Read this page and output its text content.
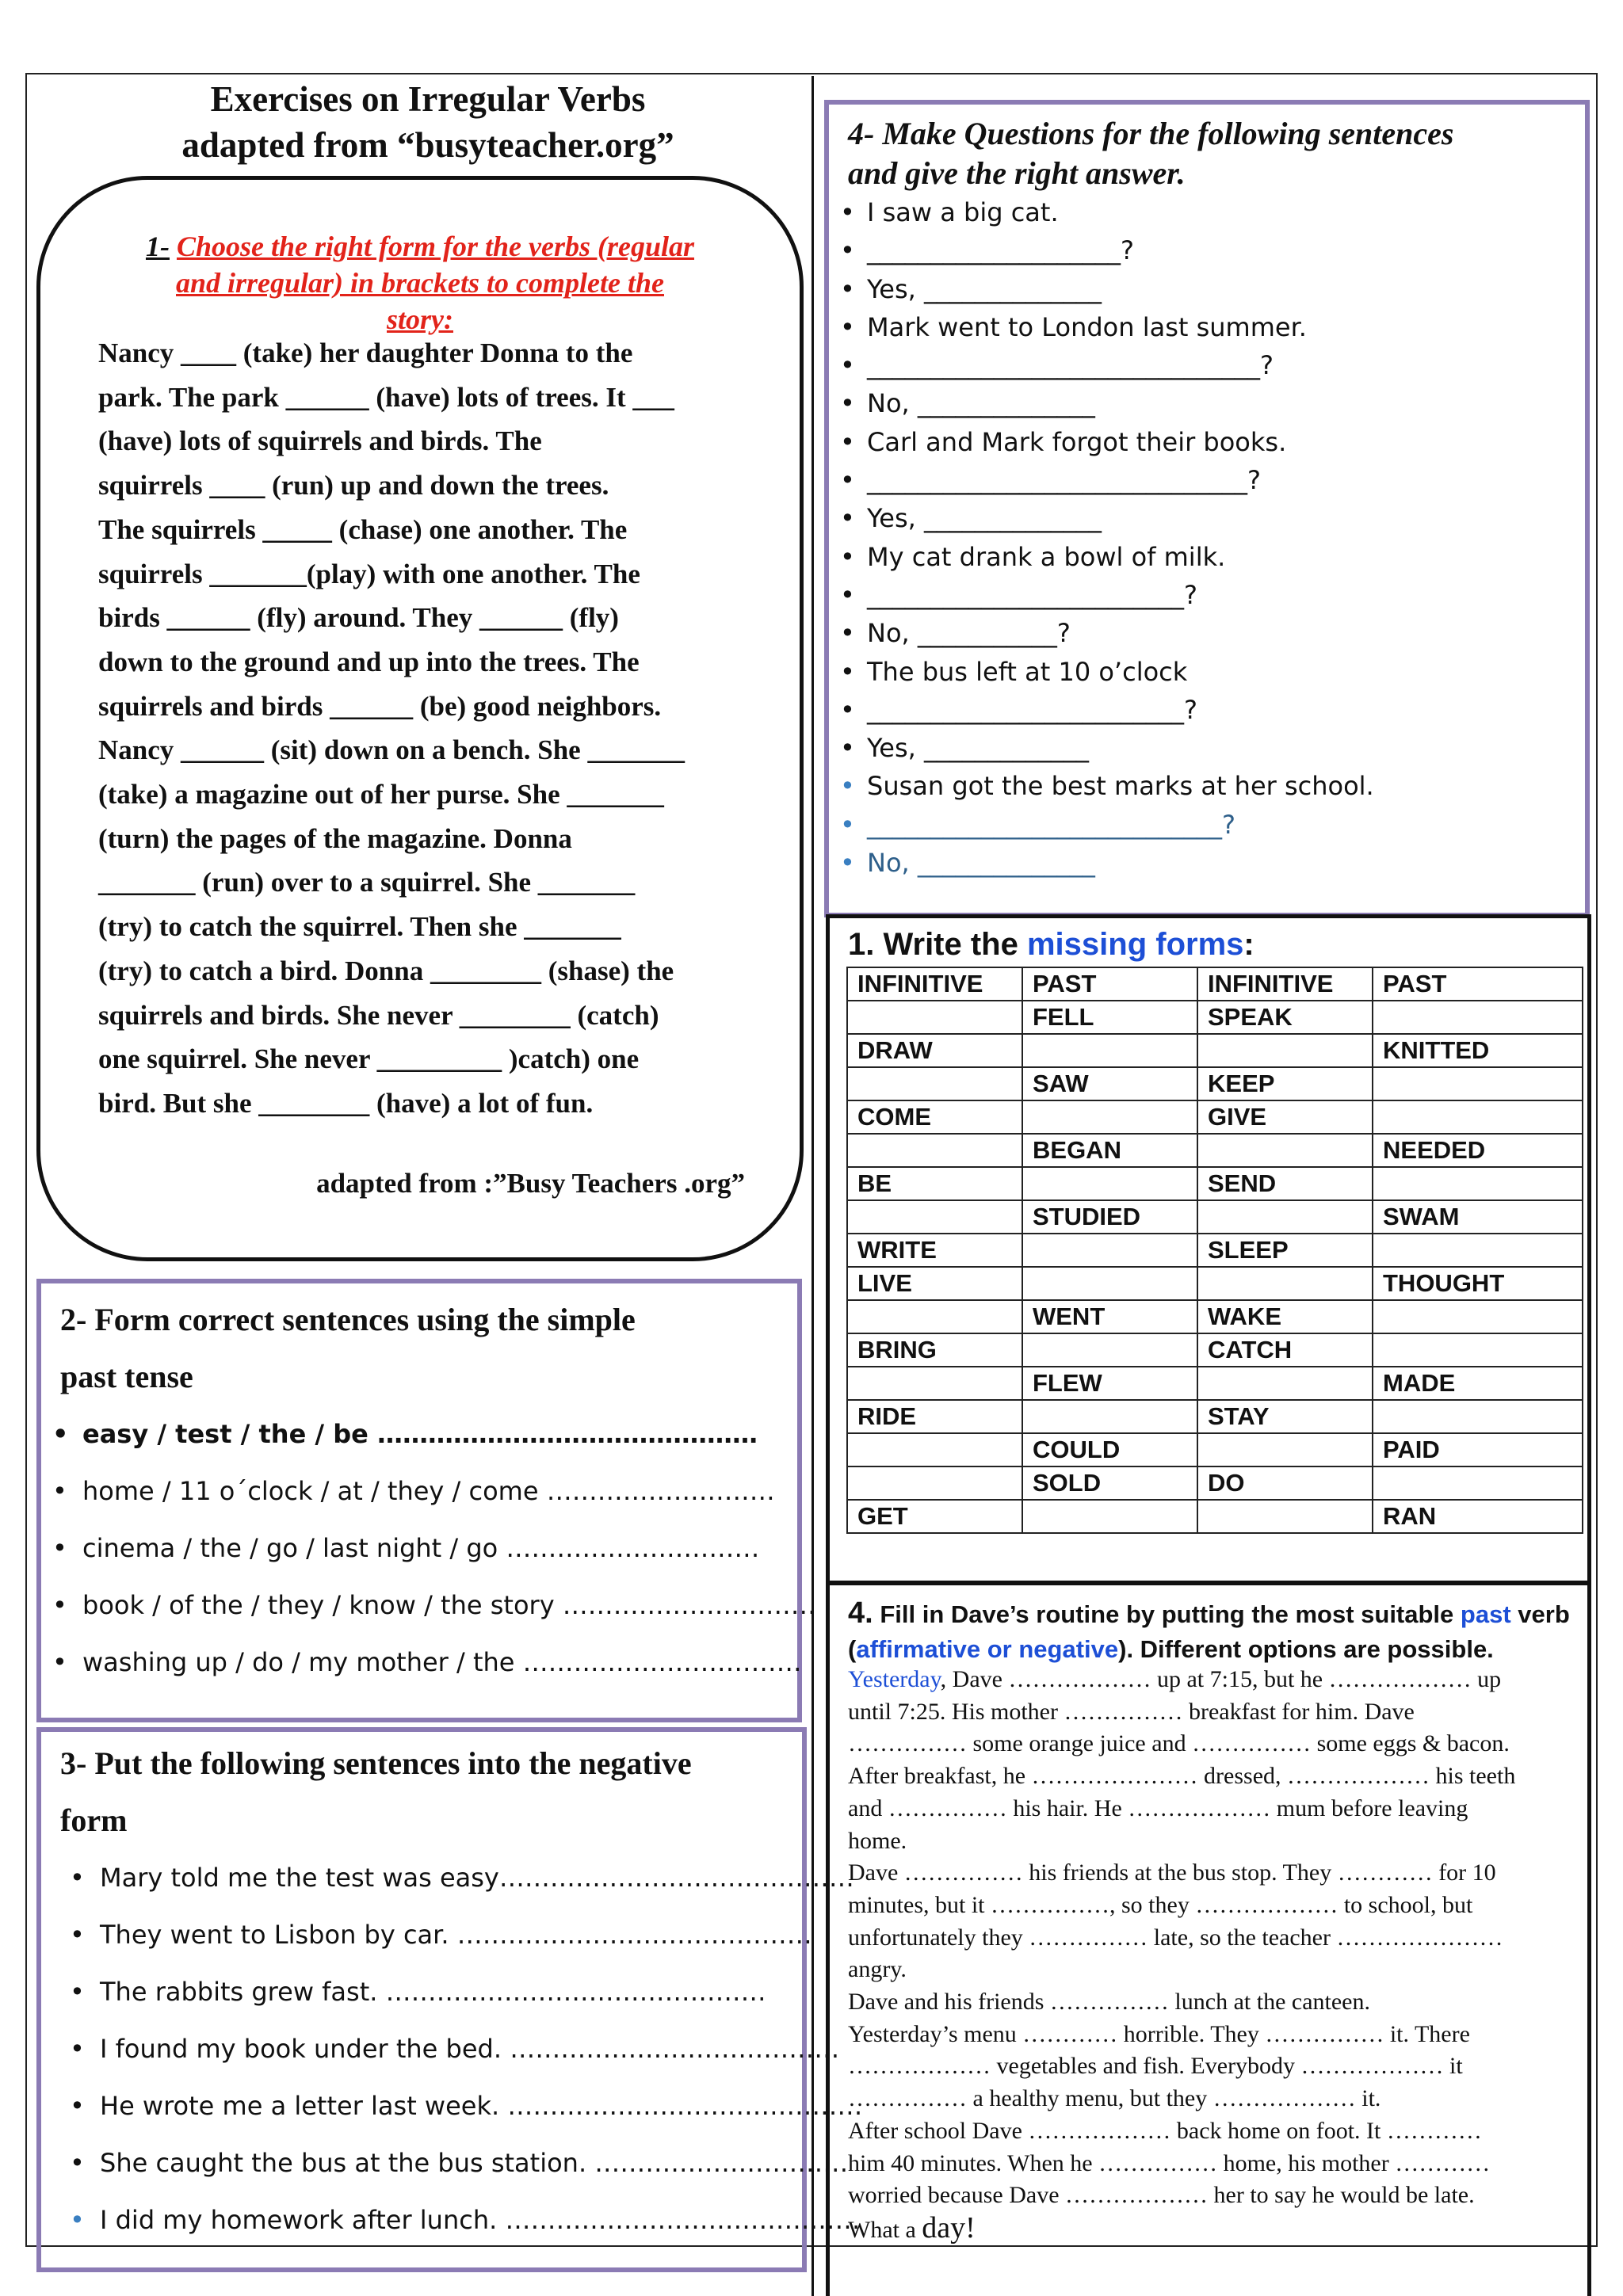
Exercises on Irregular Verbs
adapted from “busyteacher.org”
1- Choose the right form for the verbs (regular
and irregular) in brackets to complete the
story:
Nancy ____ (take) her daughter Donna to the
park. The park ______ (have) lots of trees. It ___
(have) lots of squirrels and birds. The
squirrels ____ (run) up and down the trees.
The squirrels _____ (chase) one another. The
squirrels _______(play) with one another. The
birds ______ (fly) around. They ______ (fly)
down to the ground and up into the trees. The
squirrels and birds ______ (be) good neighbors.
Nancy ______ (sit) down on a bench. She _______
(take) a magazine out of her purse. She _______
(turn) the pages of the magazine. Donna
_______ (run) over to a squirrel. She _______
(try) to catch the squirrel. Then she _______
(try) to catch a bird. Donna ________ (shase) the
squirrels and birds. She never ________ (catch)
one squirrel. She never _________ )catch) one
bird. But she ________ (have) a lot of fun.
adapted from :”Busy Teachers .org”
2- Form correct sentences using the simple
past tense
• easy / test / the / be ………………………………………
• home / 11 o´clock / at / they / come ………………………
• cinema / the / go / last night / go …………………………
• book / of the / they / know / the story …………………………
• washing up / do / my mother / the ……………………………
3- Put the following sentences into the negative
form
• Mary told me the test was easy……………………………………
• They went to Lisbon by car. ……………………………………
• The rabbits grew fast. ………………………………………
• I found my book under the bed. …………………………………
• He wrote me a letter last week. ……………………………………
• She caught the bus at the bus station. …………………………
• I did my homework after lunch. ……………………………………
4- Make Questions for the following sentences
and give the right answer.
• I saw a big cat.
• ____________________?
• Yes, ______________
• Mark went to London last summer.
• _______________________________?
• No, ______________
• Carl and Mark forgot their books.
• ______________________________?
• Yes, ______________
• My cat drank a bowl of milk.
• _________________________?
• No, ___________?
• The bus left at 10 o’clock
• _________________________?
• Yes, _____________
• Susan got the best marks at her school.
• ____________________________?
• No, ______________
1. Write the missing forms:
INFINITIVE	PAST	INFINITIVE	PAST
	FELL	SPEAK	
DRAW			KNITTED
	SAW	KEEP	
COME		GIVE	
	BEGAN		NEEDED
BE		SEND	
	STUDIED		SWAM
WRITE		SLEEP	
LIVE			THOUGHT
	WENT	WAKE	
BRING		CATCH	
	FLEW		MADE
RIDE		STAY	
	COULD		PAID
	SOLD	DO	
GET			RAN
4. Fill in Dave’s routine by putting the most suitable past verb
(affirmative or negative). Different options are possible.
Yesterday, Dave ……………… up at 7:15, but he ……………… up
until 7:25. His mother …………… breakfast for him. Dave
…………… some orange juice and …………… some eggs & bacon.
After breakfast, he ………………… dressed, ……………… his teeth
and …………… his hair. He ……………… mum before leaving
home.
Dave …………… his friends at the bus stop. They ………… for 10
minutes, but it ……………, so they ……………… to school, but
unfortunately they …………… late, so the teacher …………………
angry.
Dave and his friends …………… lunch at the canteen.
Yesterday’s menu ………… horrible. They …………… it. There
……………… vegetables and fish. Everybody ……………… it
…………… a healthy menu, but they ……………… it.
After school Dave ……………… back home on foot. It …………
him 40 minutes. When he …………… home, his mother …………
worried because Dave ……………… her to say he would be late.
What a day!
